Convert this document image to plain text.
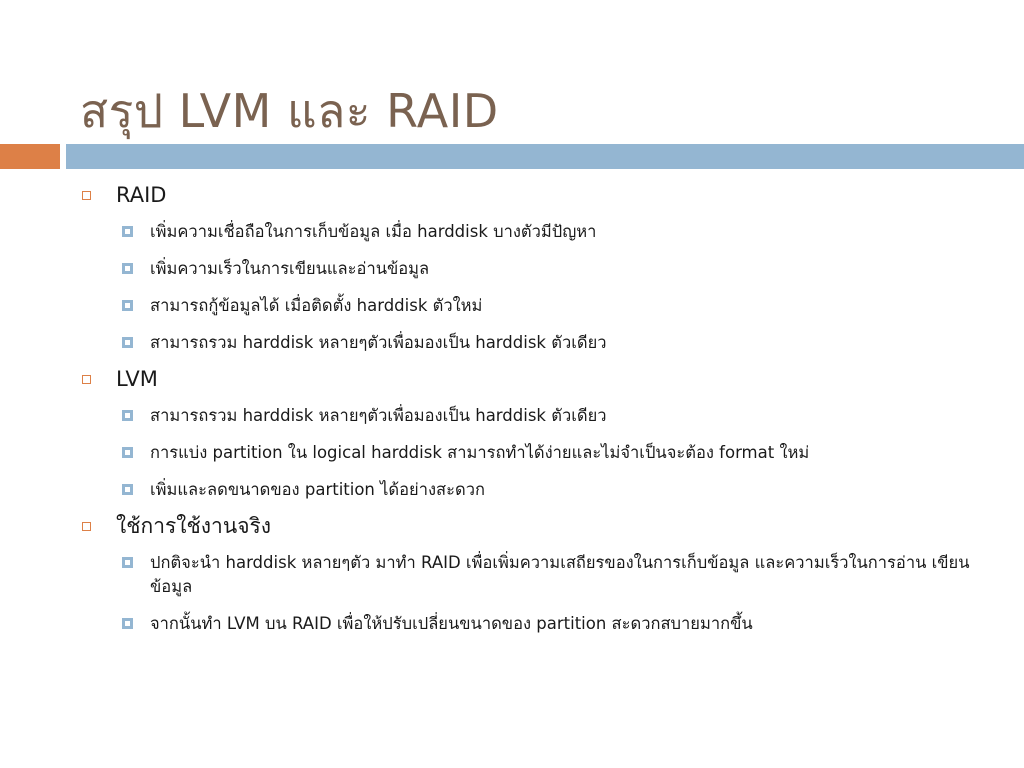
สรุป LVM และ RAID
RAID
เพิ่มความเชื่อถือในการเก็บข้อมูล เมื่อ harddisk บางตัวมีปัญหา
เพิ่มความเร็วในการเขียนและอ่านข้อมูล
สามารถกู้ข้อมูลได้ เมื่อติดตั้ง harddisk ตัวใหม่
สามารถรวม harddisk หลายๆตัวเพื่อมองเป็น harddisk ตัวเดียว
LVM
สามารถรวม harddisk หลายๆตัวเพื่อมองเป็น harddisk ตัวเดียว
การแบ่ง partition ใน logical harddisk สามารถทำได้ง่ายและไม่จำเป็นจะต้อง format ใหม่
เพิ่มและลดขนาดของ partition ได้อย่างสะดวก
ใช้การใช้งานจริง
ปกติจะนำ harddisk หลายๆตัว มาทำ RAID เพื่อเพิ่มความเสถียรของในการเก็บข้อมูล และความเร็วในการอ่าน เขียนข้อมูล
จากนั้นทำ LVM บน RAID เพื่อให้ปรับเปลี่ยนขนาดของ partition สะดวกสบายมากขึ้น
